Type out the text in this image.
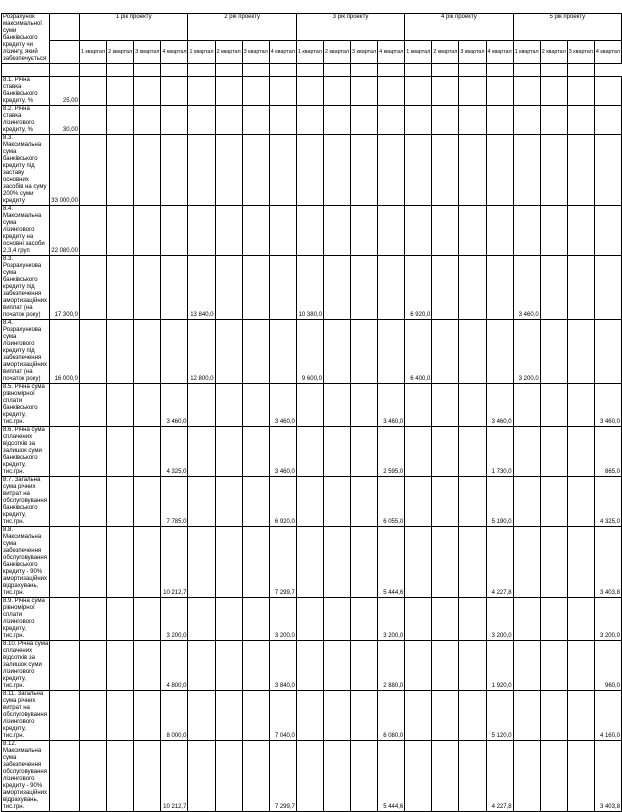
Розрахунок максимальної суми банківського кредиту чи лізингу, який забезпечується		1 рік проекту				2 рік проекту				3 рік проекту				4 рік проекту				5 рік проекту			
		1 квартал	2 квартал	3 квартал	4 квартал	1 квартал	2 квартал	3 квартал	4 квартал	1 квартал	2 квартал	3 квартал	4 квартал	1 квартал	2 квартал	3 квартал	4 квартал	1 квартал	2 квартал	3 квартал	4 квартал

8.1. Річна ставка банківського кредиту, %	25,00																				
8.2. Річна ставка лізингового кредиту, %	30,00																				
8.3. Максимальна сума банківського кредиту під заставу основних засобів на суму 200% суми кредиту	33 000,00																				
8.4. Максимальна сума лізингового кредиту на основні засоби 2,3,4 груп	22 080,00																				
8.3. Розрахункова сума банківського кредиту під забезпечення амортизаційних виплат (на початок року)	17 300,0					13 840,0				10 380,0				6 920,0				3 460,0			
8.4. Розрахункова сума лізингового кредиту під забезпечення амортизаційних виплат (на початок року)	16 000,0					12 800,0				9 600,0				6 400,0				3 200,0			
8.5. Річна сума рівномірної сплати банківського кредиту, тис.грн.					3 460,0				3 460,0				3 460,0				3 460,0				3 460,0
8.6. Річна сума сплачених відсотків за залишок суми банківського кредиту, тис.грн.					4 325,0				3 460,0				2 595,0				1 730,0				865,0
8.7. Загальна сума річних витрат на обслуговування банківського кредиту, тис.грн.					7 785,0				6 920,0				6 055,0				5 190,0				4 325,0
8.8. Максимальна сума забезпечення обслуговування банківського кредиту - 90% амортизаційних відрахувань, тис.грн.					10 212,7				7 299,7				5 444,6				4 227,8				3 403,8
8.9. Річна сума рівномірної сплати лізингового кредиту, тис.грн.					3 200,0				3 200,0				3 200,0				3 200,0				3 200,0
8.10. Річна сума сплачених відсотків за залишок суми лізингового кредиту, тис.грн.					4 800,0				3 840,0				2 880,0				1 920,0				960,0
8.11. Загальна сума річних витрат на обслуговування лізингового кредиту, тис.грн.					8 000,0				7 040,0				6 080,0				5 120,0				4 160,0
8.12. Максимальна сума забезпечення обслуговування лізингового кредиту - 90% амортизаційних відрахувань, тис.грн.					10 212,7				7 299,7				5 444,6				4 227,8				3 403,8
